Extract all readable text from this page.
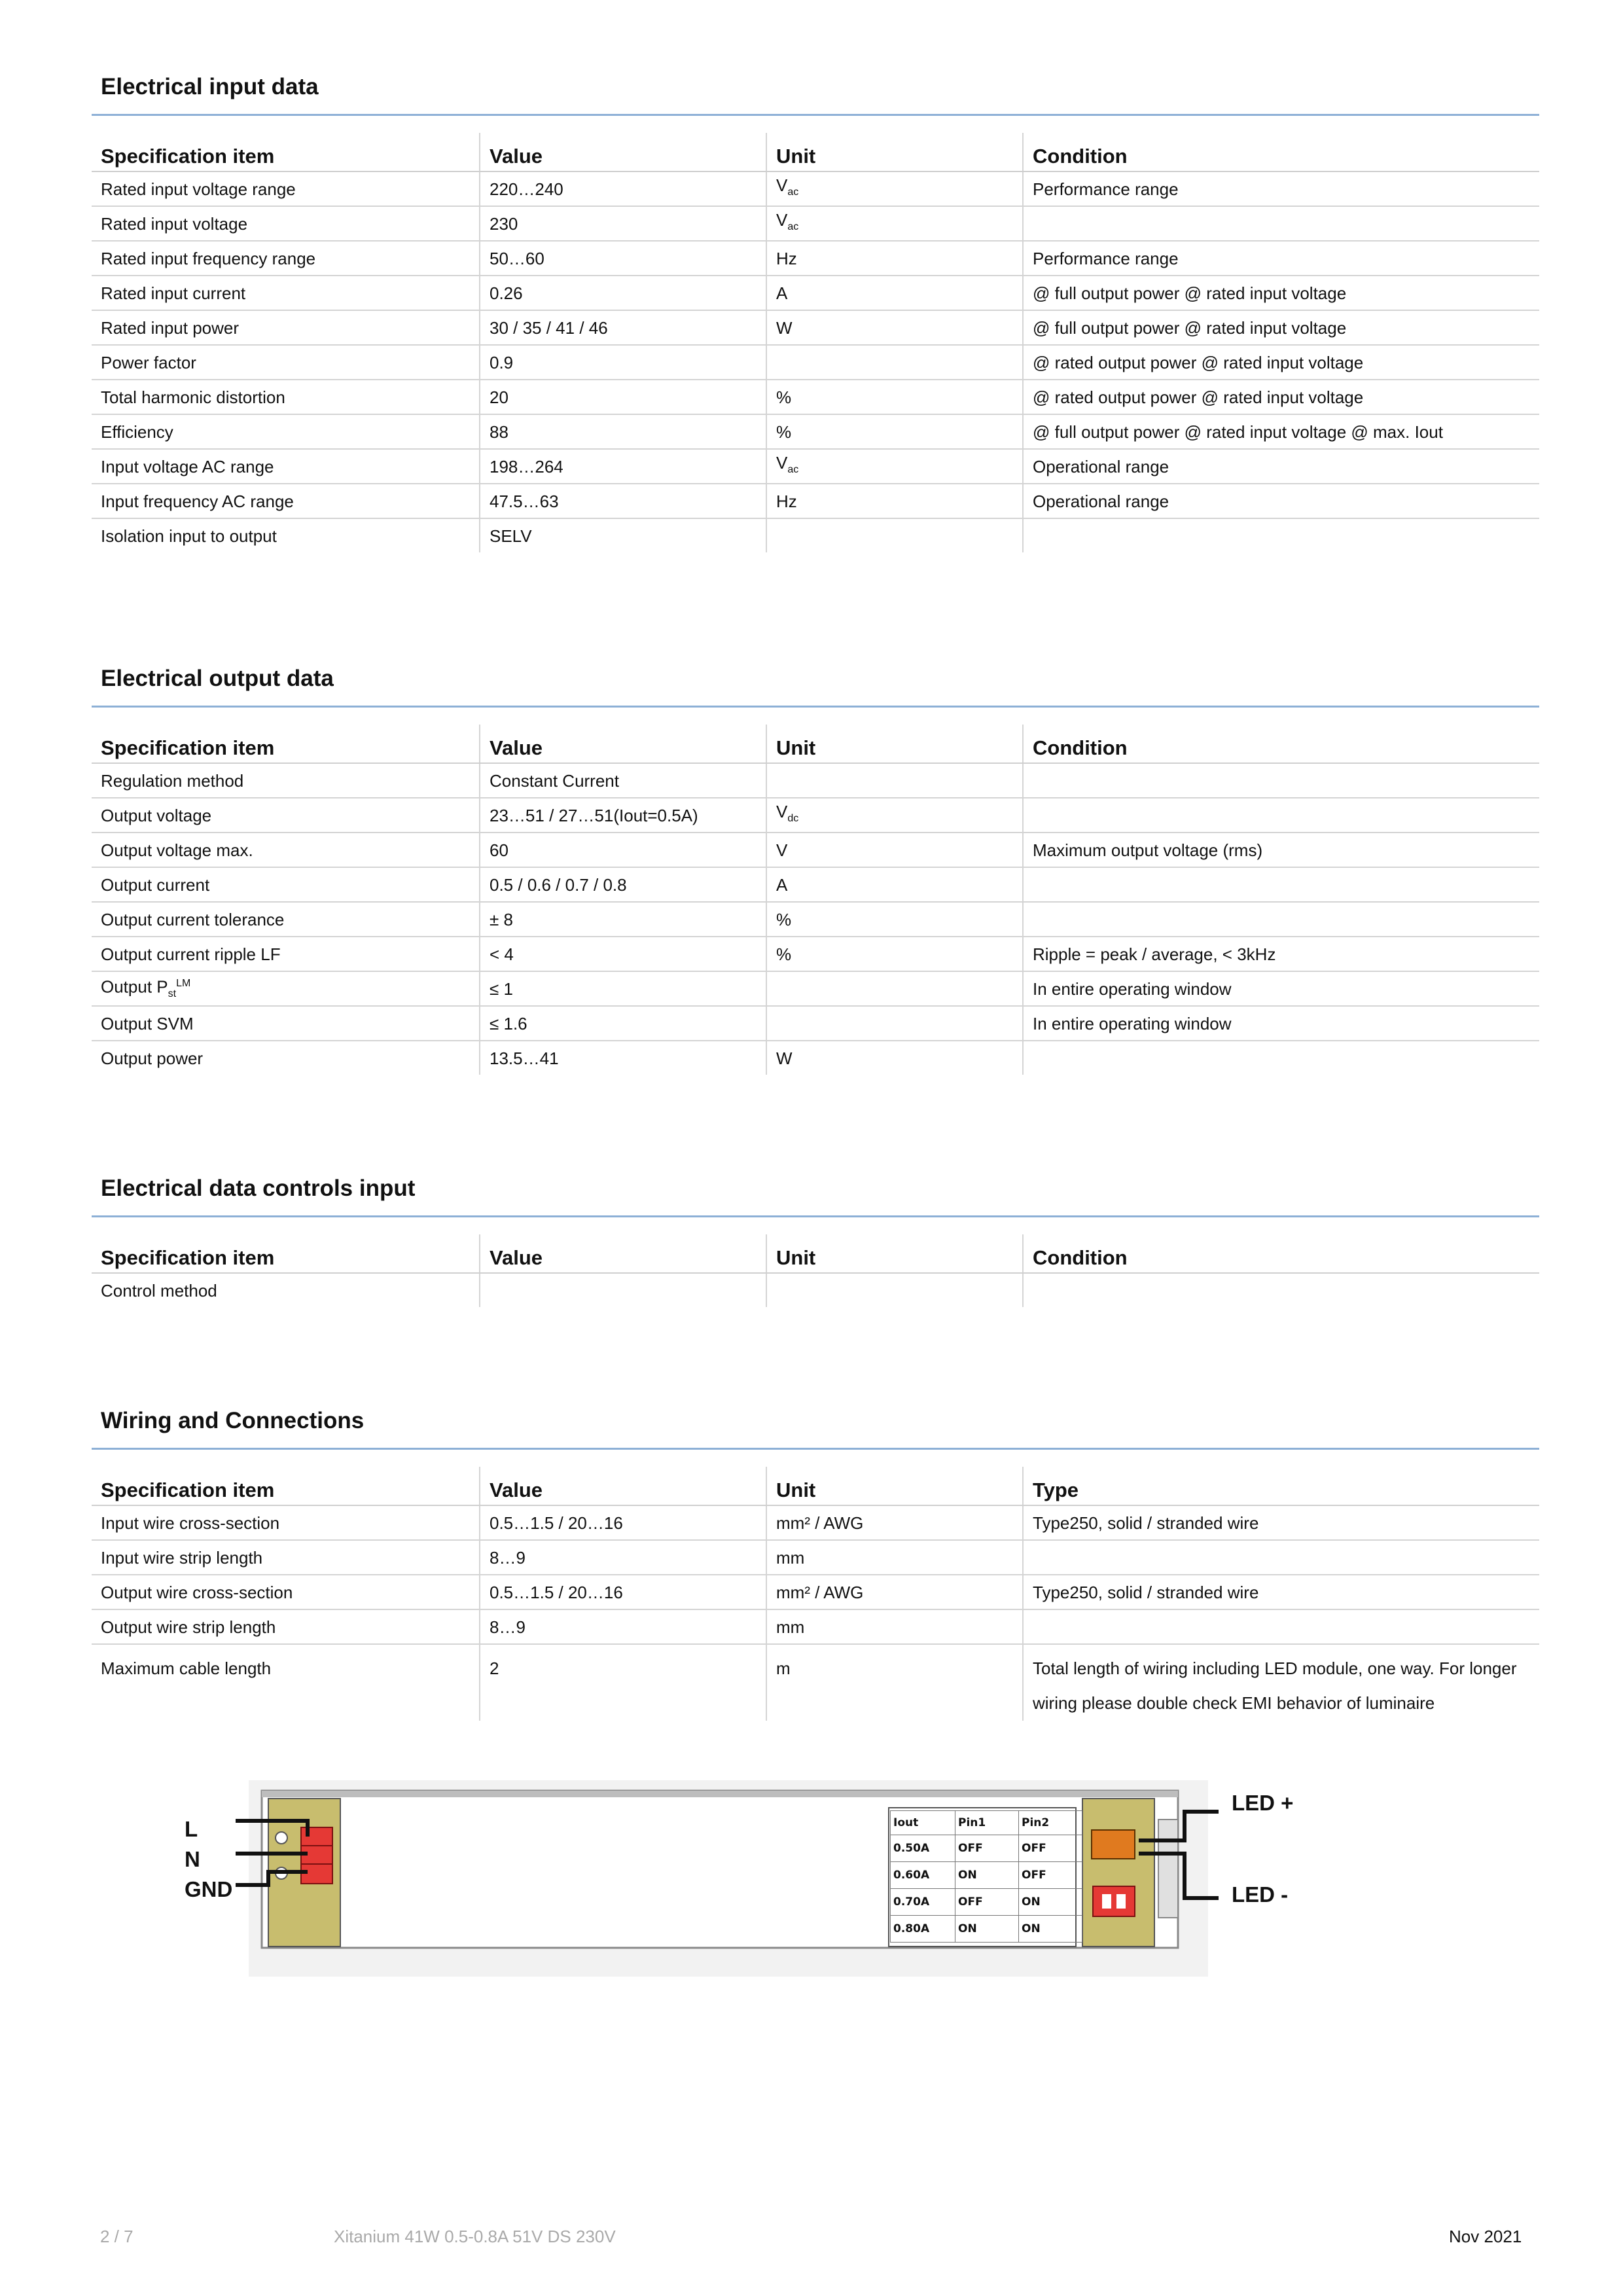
Electrical input data
Specification item	Value	Unit	Condition
Rated input voltage range	220…240	$V_{ac}$	Performance range
Rated input voltage	230	$V_{ac}$	
Rated input frequency range	50…60	Hz	Performance range
Rated input current	0.26	A	@ full output power @ rated input voltage
Rated input power	30 / 35 / 41 / 46	W	@ full output power @ rated input voltage
Power factor	0.9		@ rated output power @ rated input voltage
Total harmonic distortion	20	%	@ rated output power @ rated input voltage
Efficiency	88	%	@ full output power @ rated input voltage @ max. Iout
Input voltage AC range	198…264	$V_{ac}$	Operational range
Input frequency AC range	47.5…63	Hz	Operational range
Isolation input to output	SELV		
Electrical output data
Specification item	Value	Unit	Condition
Regulation method	Constant Current		
Output voltage	23…51 / 27…51(Iout=0.5A)	$V_{dc}$	
Output voltage max.	60	V	Maximum output voltage (rms)
Output current	0.5 / 0.6 / 0.7 / 0.8	A	
Output current tolerance	± 8	%	
Output current ripple LF	< 4	%	Ripple = peak / average, < 3kHz
Output $P_{st}^{LM}$	≤ 1		In entire operating window
Output SVM	≤ 1.6		In entire operating window
Output power	13.5…41	W	
Electrical data controls input
Specification item	Value	Unit	Condition
Control method			
Wiring and Connections
Specification item	Value	Unit	Type
Input wire cross-section	0.5…1.5 / 20…16	mm² / AWG	Type250, solid / stranded wire
Input wire strip length	8…9	mm	
Output wire cross-section	0.5…1.5 / 20…16	mm² / AWG	Type250, solid / stranded wire
Output wire strip length	8…9	mm	
Maximum cable length	2	m	Total length of wiring including LED module, one way. For longer wiring please double check EMI behavior of luminaire
L
N
GND
LED +
LED -
Iout	Pin1	Pin2
0.50A	OFF	OFF
0.60A	ON	OFF
0.70A	OFF	ON
0.80A	ON	ON
2 / 7	Xitanium 41W 0.5-0.8A 51V DS 230V	Nov 2021
